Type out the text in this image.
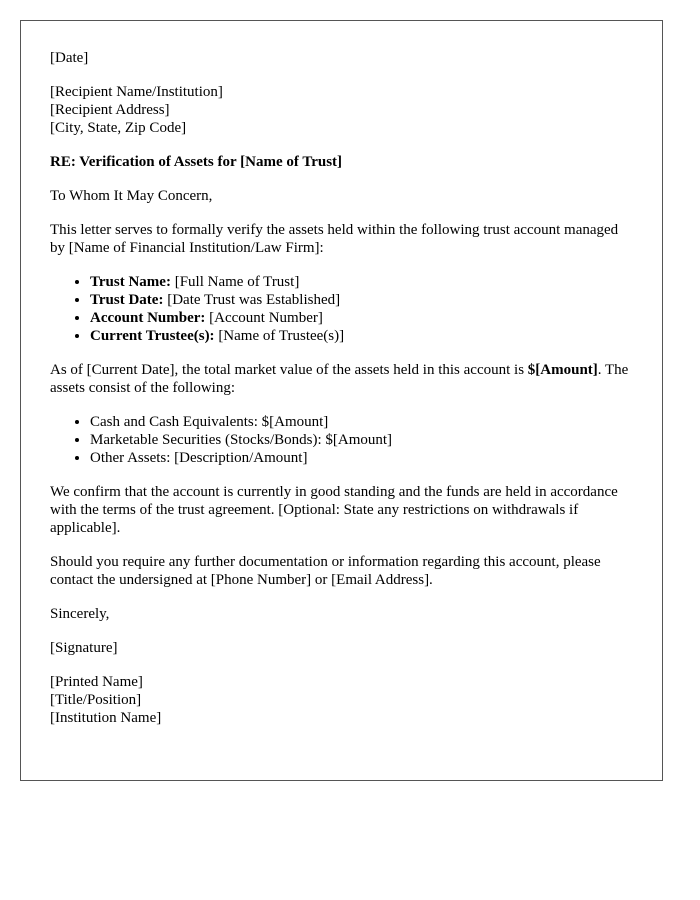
[Date]

[Recipient Name/Institution]
[Recipient Address]
[City, State, Zip Code]

RE: Verification of Assets for [Name of Trust]

To Whom It May Concern,

This letter serves to formally verify the assets held within the following trust account managed by [Name of Financial Institution/Law Firm]:

• Trust Name: [Full Name of Trust]
• Trust Date: [Date Trust was Established]
• Account Number: [Account Number]
• Current Trustee(s): [Name of Trustee(s)]

As of [Current Date], the total market value of the assets held in this account is $[Amount]. The assets consist of the following:

• Cash and Cash Equivalents: $[Amount]
• Marketable Securities (Stocks/Bonds): $[Amount]
• Other Assets: [Description/Amount]

We confirm that the account is currently in good standing and the funds are held in accordance with the terms of the trust agreement. [Optional: State any restrictions on withdrawals if applicable].

Should you require any further documentation or information regarding this account, please contact the undersigned at [Phone Number] or [Email Address].

Sincerely,

[Signature]

[Printed Name]
[Title/Position]
[Institution Name]
